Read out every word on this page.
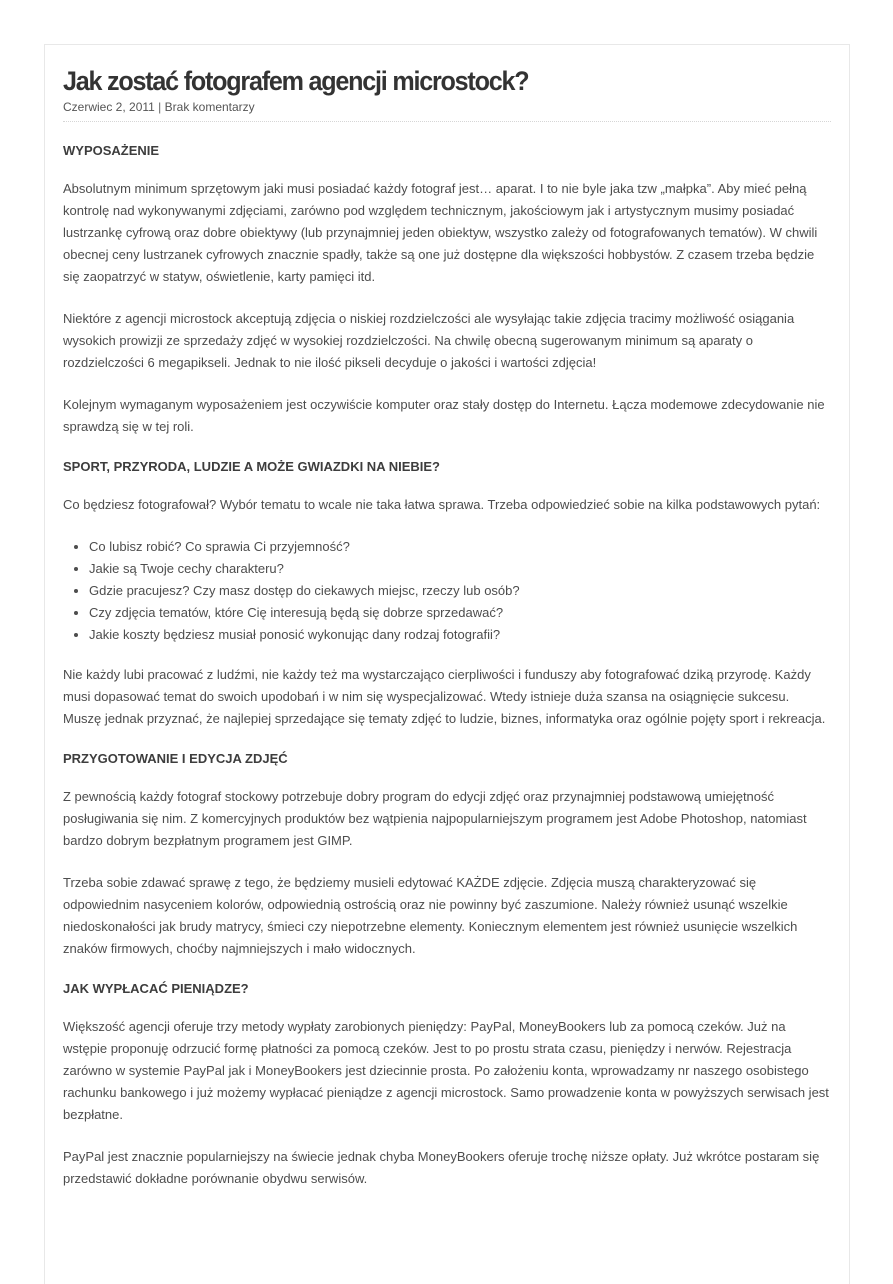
Jak zostać fotografem agencji microstock?
Czerwiec 2, 2011 | Brak komentarzy
WYPOSAŻENIE

Absolutnym minimum sprzętowym jaki musi posiadać każdy fotograf jest… aparat. I to nie byle jaka tzw „małpka”. Aby mieć pełną kontrolę nad wykonywanymi zdjęciami, zarówno pod względem technicznym, jakościowym jak i artystycznym musimy posiadać lustrzankę cyfrową oraz dobre obiektywy (lub przynajmniej jeden obiektyw, wszystko zależy od fotografowanych tematów). W chwili obecnej ceny lustrzanek cyfrowych znacznie spadły, także są one już dostępne dla większości hobbystów. Z czasem trzeba będzie się zaopatrzyć w statyw, oświetlenie, karty pamięci itd.

Niektóre z agencji microstock akceptują zdjęcia o niskiej rozdzielczości ale wysyłając takie zdjęcia tracimy możliwość osiągania wysokich prowizji ze sprzedaży zdjęć w wysokiej rozdzielczości. Na chwilę obecną sugerowanym minimum są aparaty o rozdzielczości 6 megapikseli. Jednak to nie ilość pikseli decyduje o jakości i wartości zdjęcia!

Kolejnym wymaganym wyposażeniem jest oczywiście komputer oraz stały dostęp do Internetu. Łącza modemowe zdecydowanie nie sprawdzą się w tej roli.

SPORT, PRZYRODA, LUDZIE A MOŻE GWIAZDKI NA NIEBIE?

Co będziesz fotografował? Wybór tematu to wcale nie taka łatwa sprawa. Trzeba odpowiedzieć sobie na kilka podstawowych pytań:

• Co lubisz robić? Co sprawia Ci przyjemność?
• Jakie są Twoje cechy charakteru?
• Gdzie pracujesz? Czy masz dostęp do ciekawych miejsc, rzeczy lub osób?
• Czy zdjęcia tematów, które Cię interesują będą się dobrze sprzedawać?
• Jakie koszty będziesz musiał ponosić wykonując dany rodzaj fotografii?

Nie każdy lubi pracować z ludźmi, nie każdy też ma wystarczająco cierpliwości i funduszy aby fotografować dziką przyrodę. Każdy musi dopasować temat do swoich upodobań i w nim się wyspecjalizować. Wtedy istnieje duża szansa na osiągnięcie sukcesu. Muszę jednak przyznać, że najlepiej sprzedające się tematy zdjęć to ludzie, biznes, informatyka oraz ogólnie pojęty sport i rekreacja.

PRZYGOTOWANIE I EDYCJA ZDJĘĆ

Z pewnością każdy fotograf stockowy potrzebuje dobry program do edycji zdjęć oraz przynajmniej podstawową umiejętność posługiwania się nim. Z komercyjnych produktów bez wątpienia najpopularniejszym programem jest Adobe Photoshop, natomiast bardzo dobrym bezpłatnym programem jest GIMP.

Trzeba sobie zdawać sprawę z tego, że będziemy musieli edytować KAŻDE zdjęcie. Zdjęcia muszą charakteryzować się odpowiednim nasyceniem kolorów, odpowiednią ostrością oraz nie powinny być zaszumione. Należy również usunąć wszelkie niedoskonałości jak brudy matrycy, śmieci czy niepotrzebne elementy. Koniecznym elementem jest również usunięcie wszelkich znaków firmowych, choćby najmniejszych i mało widocznych.

JAK WYPŁACAĆ PIENIĄDZE?

Większość agencji oferuje trzy metody wypłaty zarobionych pieniędzy: PayPal, MoneyBookers lub za pomocą czeków. Już na wstępie proponuję odrzucić formę płatności za pomocą czeków. Jest to po prostu strata czasu, pieniędzy i nerwów. Rejestracja zarówno w systemie PayPal jak i MoneyBookers jest dziecinnie prosta. Po założeniu konta, wprowadzamy nr naszego osobistego rachunku bankowego i już możemy wypłacać pieniądze z agencji microstock. Samo prowadzenie konta w powyższych serwisach jest bezpłatne.

PayPal jest znacznie popularniejszy na świecie jednak chyba MoneyBookers oferuje trochę niższe opłaty. Już wkrótce postaram się przedstawić dokładne porównanie obydwu serwisów.
